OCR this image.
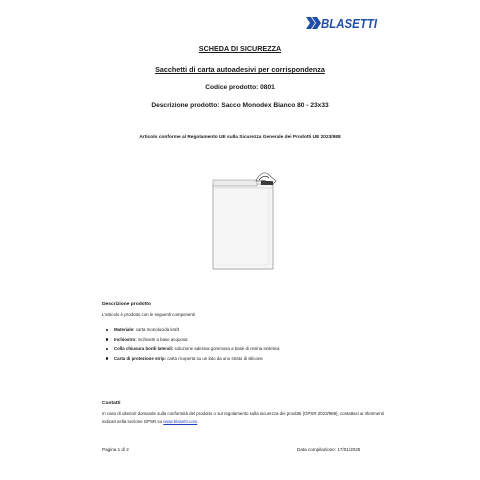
BLASETTI
SCHEDA DI SICUREZZA
Sacchetti di carta autoadesivi per corrispondenza
Codice prodotto: 0801
Descrizione prodotto: Sacco Monodex Bianco 80 - 23x33
Articolo conforme al Regolamento UE sulla Sicurezza Generale dei Prodotti UE 2023/988
Descrizione prodotto
L’articolo è prodotto con le seguenti componenti
Materiale: carta monolucida kraft
Inchiostro: inchiostri a base acquosa
Colla chiusura bordi laterali: soluzione adesiva gommosa a base di resina sintetica
Carta di protezione strip: carta ricoperta su un lato da uno strato di silicone
Contatti
In caso di ulteriori domande sulla conformità del prodotto o sul regolamento sulla sicurezza dei prodotti (GPSR 2023/988), contattaci ai riferimenti indicati nella sezione GPSR su www.blasetti.com.
Pagina 1 di 2	Data compilazione: 17/01/2025
